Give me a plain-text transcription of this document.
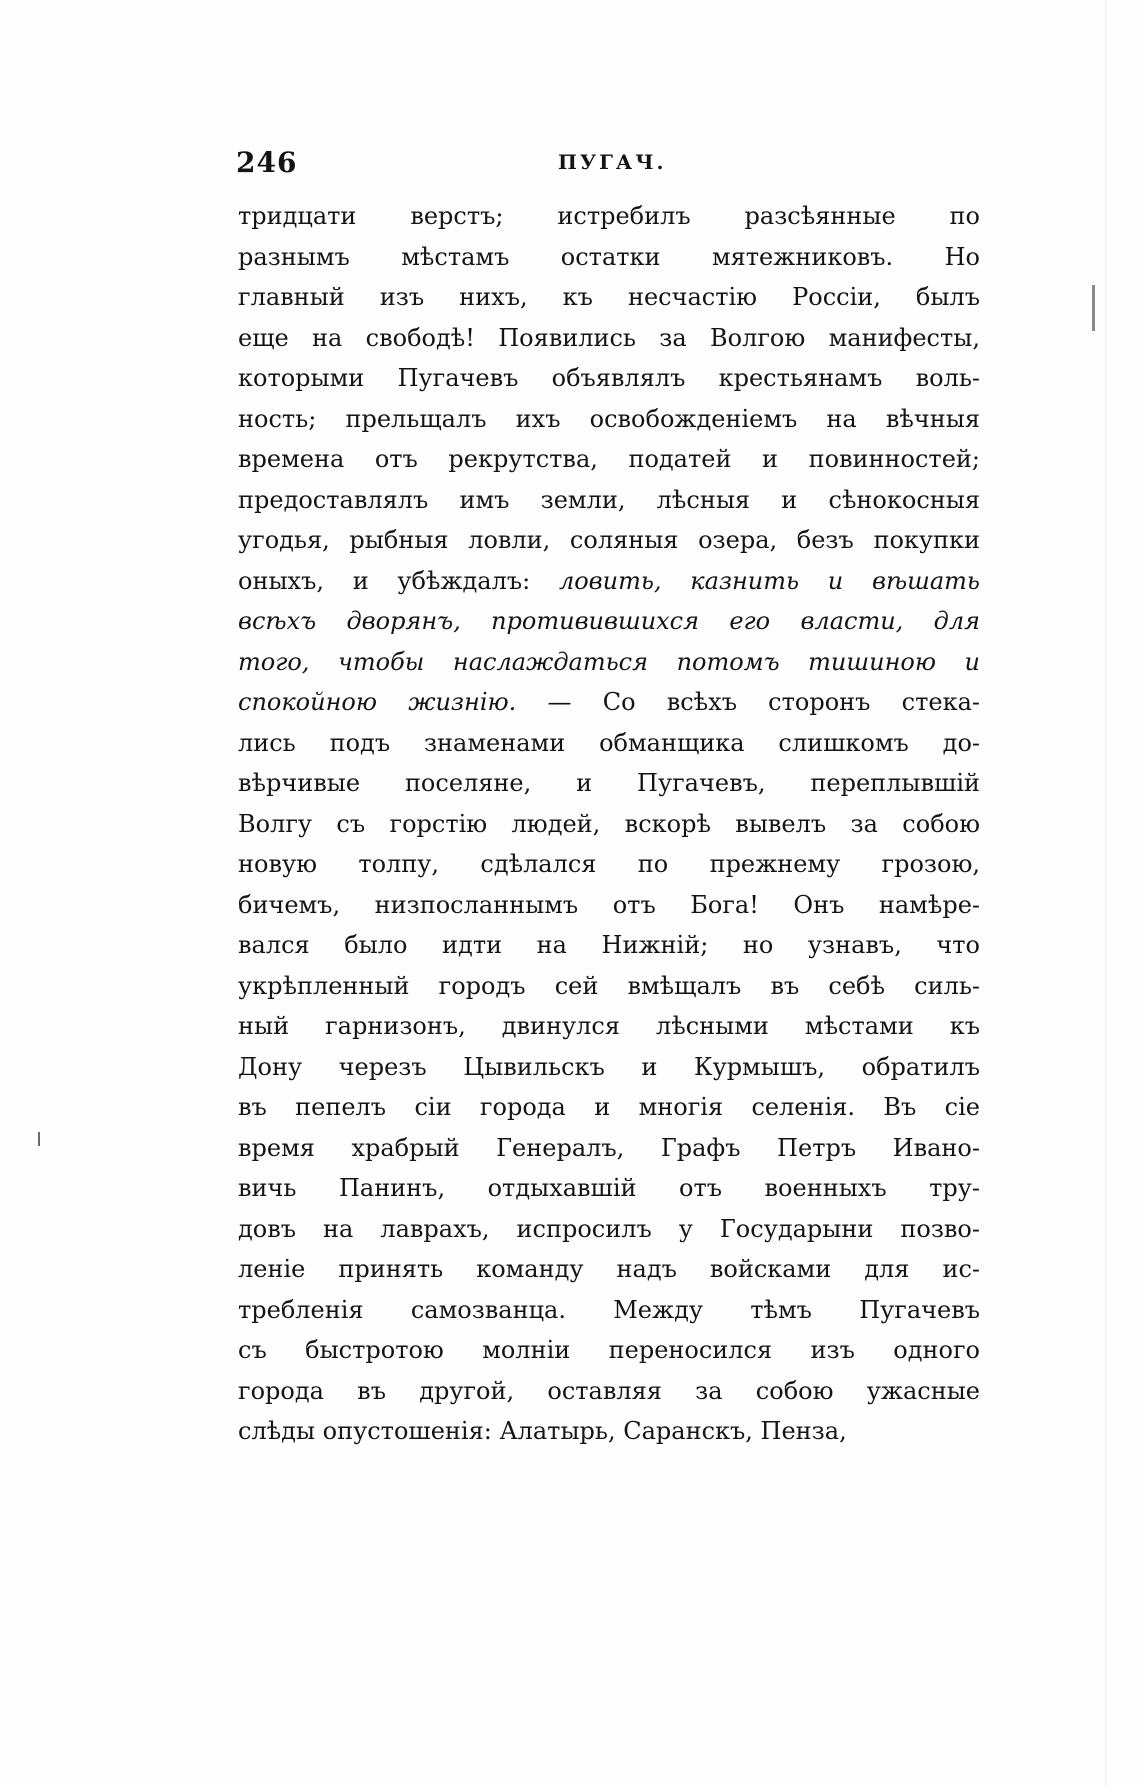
246	ПУГАЧ.
тридцати верстъ; истребилъ разсѣянные по
разнымъ мѣстамъ остатки мятежниковъ. Но
главный изъ нихъ, къ несчастiю Россiи, былъ
еще на свободѣ! Появились за Волгою манифесты,
которыми Пугачевъ объявлялъ крестьянамъ воль-
ность; прельщалъ ихъ освобожденiемъ на вѣчныя
времена отъ рекрутства, податей и повинностей;
предоставлялъ имъ земли, лѣсныя и сѣнокосныя
угодья, рыбныя ловли, соляныя озера, безъ покупки
оныхъ, и убѣждалъ: ловить, казнить и вѣшать
всѣхъ дворянъ, противившихся его власти, для
того, чтобы наслаждаться потомъ тишиною и
спокойною жизнiю. — Со всѣхъ сторонъ стека-
лись подъ знаменами обманщика слишкомъ до-
вѣрчивые поселяне, и Пугачевъ, переплывшiй
Волгу съ горстiю людей, вскорѣ вывелъ за собою
новую толпу, сдѣлался по прежнему грозою,
бичемъ, низпосланнымъ отъ Бога! Онъ намѣре-
вался было идти на Нижнiй; но узнавъ, что
укрѣпленный городъ сей вмѣщалъ въ себѣ силь-
ный гарнизонъ, двинулся лѣсными мѣстами къ
Дону черезъ Цывильскъ и Курмышъ, обратилъ
въ пепелъ сiи города и многiя селенiя. Въ сiе
время храбрый Генералъ, Графъ Петръ Ивано-
вичь Панинъ, отдыхавшiй отъ военныхъ тру-
довъ на лаврахъ, испросилъ у Государыни позво-
ленiе принять команду надъ войсками для ис-
требленiя самозванца. Между тѣмъ Пугачевъ
съ быстротою молнiи переносился изъ одного
города въ другой, оставляя за собою ужасные
слѣды опустошенiя: Алатырь, Саранскъ, Пенза,
